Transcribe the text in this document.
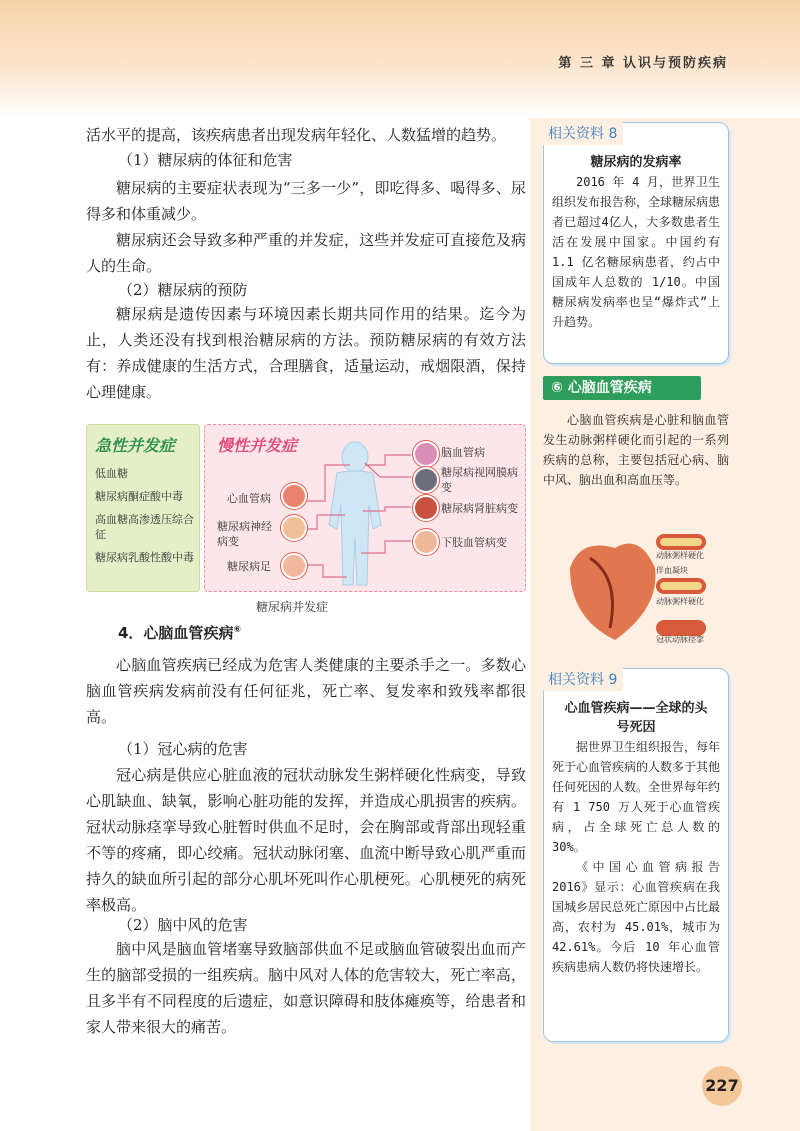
第 三 章 认识与预防疾病

活水平的提高，该疾病患者出现发病年轻化、人数猛增的趋势。

（1）糖尿病的体征和危害

糖尿病的主要症状表现为“三多一少”，即吃得多、喝得多、尿得多和体重减少。

糖尿病还会导致多种严重的并发症，这些并发症可直接危及病人的生命。

（2）糖尿病的预防

糖尿病是遗传因素与环境因素长期共同作用的结果。迄今为止，人类还没有找到根治糖尿病的方法。预防糖尿病的有效方法有：养成健康的生活方式，合理膳食，适量运动，戒烟限酒，保持心理健康。

急性并发症
低血糖
糖尿病酮症酸中毒
高血糖高渗透压综合征
糖尿病乳酸性酸中毒
慢性并发症
心血管病
糖尿病神经病变
糖尿病足
脑血管病
糖尿病视网膜病变
糖尿病肾脏病变
下肢血管病变
糖尿病并发症

4．心脑血管疾病⑥

心脑血管疾病已经成为危害人类健康的主要杀手之一。多数心脑血管疾病发病前没有任何征兆，死亡率、复发率和致残率都很高。

（1）冠心病的危害

冠心病是供应心脏血液的冠状动脉发生粥样硬化性病变，导致心肌缺血、缺氧，影响心脏功能的发挥，并造成心肌损害的疾病。冠状动脉痉挛导致心脏暂时供血不足时，会在胸部或背部出现轻重不等的疼痛，即心绞痛。冠状动脉闭塞、血流中断导致心肌严重而持久的缺血所引起的部分心肌坏死叫作心肌梗死。心肌梗死的病死率极高。

（2）脑中风的危害

脑中风是脑血管堵塞导致脑部供血不足或脑血管破裂出血而产生的脑部受损的一组疾病。脑中风对人体的危害较大，死亡率高，且多半有不同程度的后遗症，如意识障碍和肢体瘫痪等，给患者和家人带来很大的痛苦。

相关资料 8
糖尿病的发病率

2016 年 4 月，世界卫生组织发布报告称，全球糖尿病患者已超过4亿人，大多数患者生活在发展中国家。中国约有 1.1 亿名糖尿病患者，约占中国成年人总数的 1/10。中国糖尿病发病率也呈“爆炸式”上升趋势。

⑥ 心脑血管疾病

心脑血管疾病是心脏和脑血管发生动脉粥样硬化而引起的一系列疾病的总称，主要包括冠心病、脑中风、脑出血和高血压等。

动脉粥样硬化伴血凝块
动脉粥样硬化
冠状动脉痉挛
相关资料 9
心血管疾病——全球的头号死因

据世界卫生组织报告，每年死于心血管疾病的人数多于其他任何死因的人数。全世界每年约有 1 750 万人死于心血管疾病，占全球死亡总人数的 30%。

《中国心血管病报告 2016》显示：心血管疾病在我国城乡居民总死亡原因中占比最高，农村为 45.01%，城市为 42.61%。今后 10 年心血管疾病患病人数仍将快速增长。

227
